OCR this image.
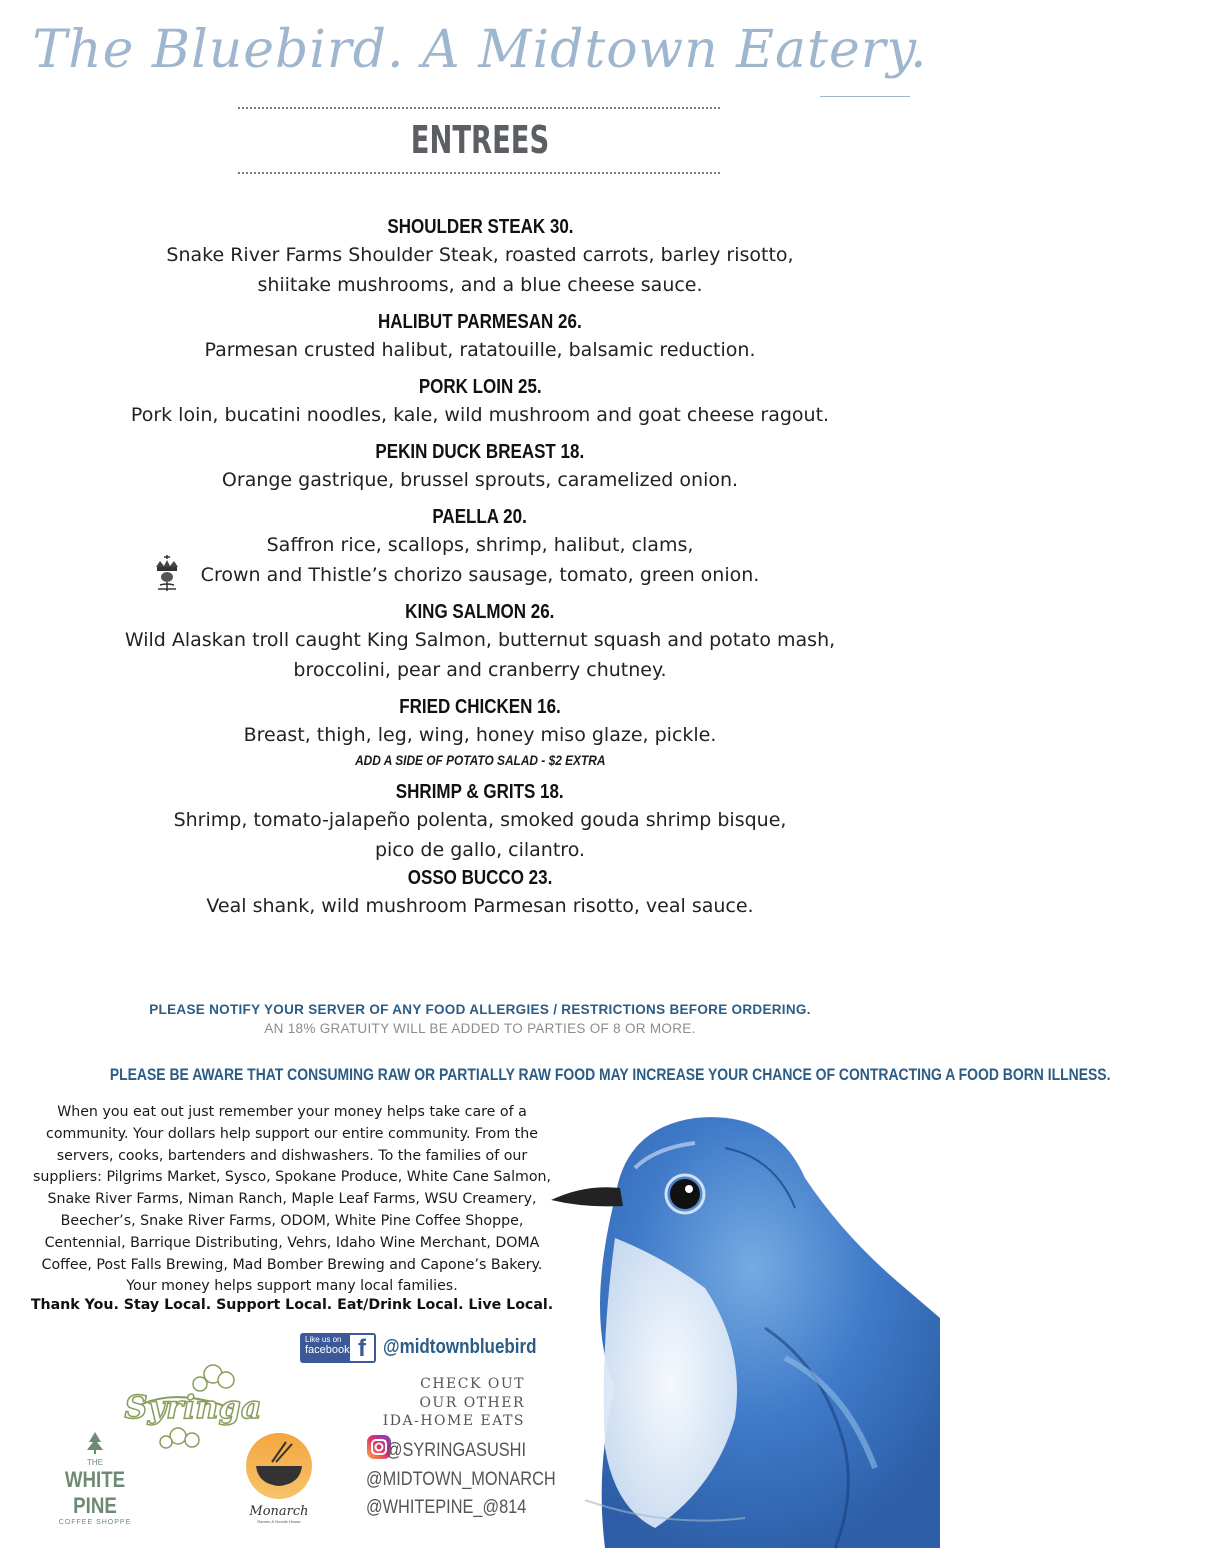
The Bluebird. A Midtown Eatery.
ENTREES
SHOULDER STEAK 30.
Snake River Farms Shoulder Steak, roasted carrots, barley risotto,
shiitake mushrooms, and a blue cheese sauce.
HALIBUT PARMESAN 26.
Parmesan crusted halibut, ratatouille, balsamic reduction.
PORK LOIN 25.
Pork loin, bucatini noodles, kale, wild mushroom and goat cheese ragout.
PEKIN DUCK BREAST 18.
Orange gastrique, brussel sprouts, caramelized onion.
PAELLA 20.
Saffron rice, scallops, shrimp, halibut, clams,
Crown and Thistle’s chorizo sausage, tomato, green onion.
KING SALMON 26.
Wild Alaskan troll caught King Salmon, butternut squash and potato mash,
broccolini, pear and cranberry chutney.
FRIED CHICKEN 16.
Breast, thigh, leg, wing, honey miso glaze, pickle.
ADD A SIDE OF POTATO SALAD - $2 EXTRA
SHRIMP & GRITS 18.
Shrimp, tomato-jalapeño polenta, smoked gouda shrimp bisque,
pico de gallo, cilantro.
OSSO BUCCO 23.
Veal shank, wild mushroom Parmesan risotto, veal sauce.
PLEASE NOTIFY YOUR SERVER OF ANY FOOD ALLERGIES / RESTRICTIONS BEFORE ORDERING.
AN 18% GRATUITY WILL BE ADDED TO PARTIES OF 8 OR MORE.
PLEASE BE AWARE THAT CONSUMING RAW OR PARTIALLY RAW FOOD MAY INCREASE YOUR CHANCE OF CONTRACTING A FOOD BORN ILLNESS.
When you eat out just remember your money helps take care of a
community. Your dollars help support our entire community. From the
servers, cooks, bartenders and dishwashers. To the families of our
suppliers: Pilgrims Market, Sysco, Spokane Produce, White Cane Salmon,
Snake River Farms, Niman Ranch, Maple Leaf Farms, WSU Creamery,
Beecher’s, Snake River Farms, ODOM, White Pine Coffee Shoppe,
Centennial, Barrique Distributing, Vehrs, Idaho Wine Merchant, DOMA
Coffee, Post Falls Brewing, Mad Bomber Brewing and Capone’s Bakery.
Your money helps support many local families.
Thank You. Stay Local. Support Local. Eat/Drink Local. Live Local.
Like us on
facebook f @midtownbluebird
CHECK OUT
OUR OTHER
IDA-HOME EATS
@SYRINGASUSHI
@MIDTOWN_MONARCH
@WHITEPINE_@814
Syringa
THE
WHITE PINE
COFFEE SHOPPE
Monarch
Ramen & Noodle House
